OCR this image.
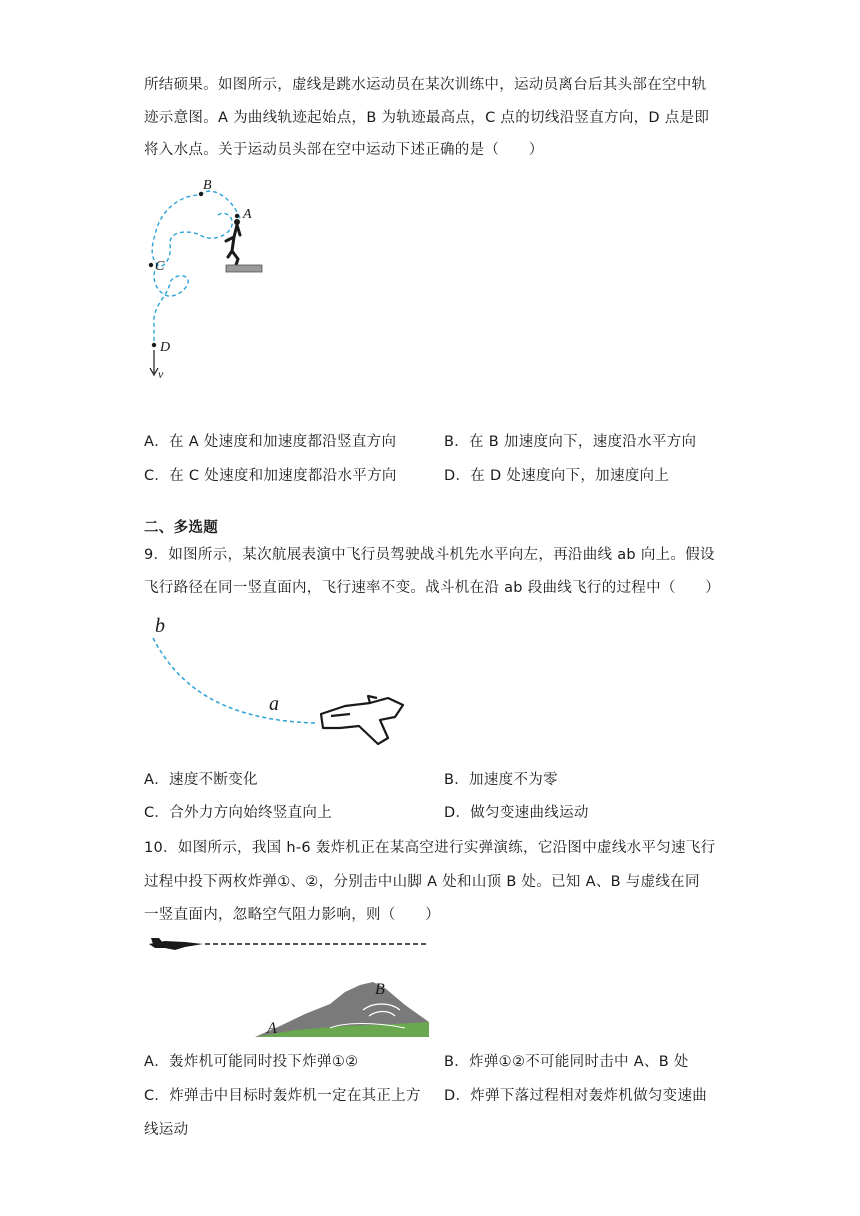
所结硕果。如图所示，虚线是跳水运动员在某次训练中，运动员离台后其头部在空中轨
迹示意图。A 为曲线轨迹起始点，B 为轨迹最高点，C 点的切线沿竖直方向，D 点是即
将入水点。关于运动员头部在空中运动下述正确的是（　　）
B
A
C
D
v
A．在 A 处速度和加速度都沿竖直方向	B．在 B 加速度向下，速度沿水平方向
C．在 C 处速度和加速度都沿水平方向	D．在 D 处速度向下，加速度向上
二、多选题
9．如图所示，某次航展表演中飞行员驾驶战斗机先水平向左，再沿曲线 ab 向上。假设
飞行路径在同一竖直面内，飞行速率不变。战斗机在沿 ab 段曲线飞行的过程中（　　）
b
a
A．速度不断变化	B．加速度不为零
C．合外力方向始终竖直向上	D．做匀变速曲线运动
10．如图所示，我国 h-6 轰炸机正在某高空进行实弹演练，它沿图中虚线水平匀速飞行
过程中投下两枚炸弹①、②，分别击中山脚 A 处和山顶 B 处。已知 A、B 与虚线在同
一竖直面内，忽略空气阻力影响，则（　　）
A
B
A．轰炸机可能同时投下炸弹①②	B．炸弹①②不可能同时击中 A、B 处
C．炸弹击中目标时轰炸机一定在其正上方 D．炸弹下落过程相对轰炸机做匀变速曲
线运动
